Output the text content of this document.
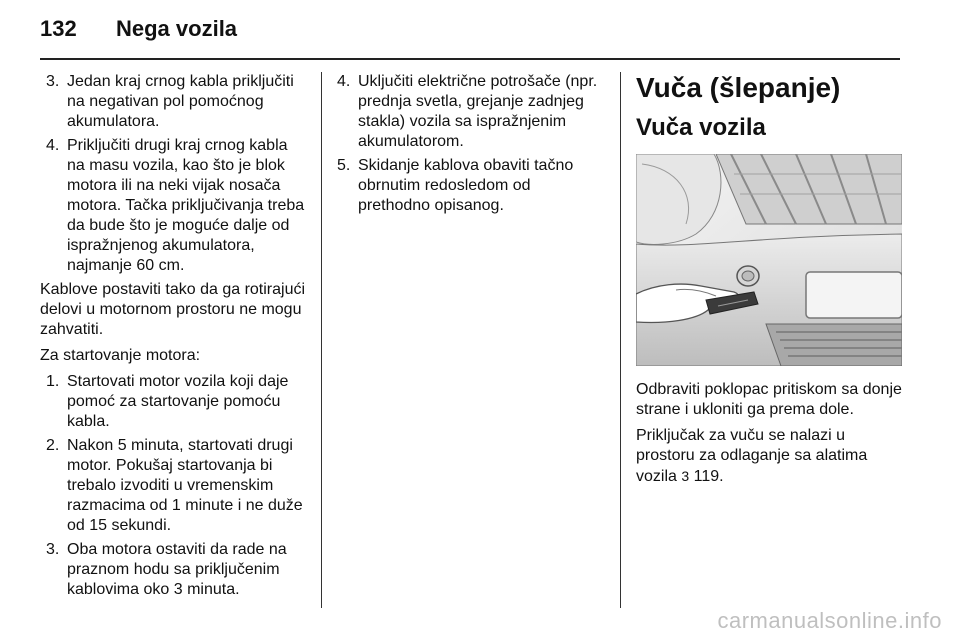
132 Nega vozila
3. Jedan kraj crnog kabla priključiti na negativan pol pomoćnog akumulatora.
4. Priključiti drugi kraj crnog kabla na masu vozila, kao što je blok motora ili na neki vijak nosača motora. Tačka priključivanja treba da bude što je moguće dalje od ispražnjenog akumulatora, najmanje 60 cm.

Kablove postaviti tako da ga rotirajući delovi u motornom prostoru ne mogu zahvatiti.

Za startovanje motora:

1. Startovati motor vozila koji daje pomoć za startovanje pomoću kabla.
2. Nakon 5 minuta, startovati drugi motor. Pokušaj startovanja bi trebalo izvoditi u vremenskim razmacima od 1 minute i ne duže od 15 sekundi.
3. Oba motora ostaviti da rade na praznom hodu sa priključenim kablovima oko 3 minuta.
4. Uključiti električne potrošače (npr. prednja svetla, grejanje zadnjeg stakla) vozila sa ispražnjenim akumulatorom.
5. Skidanje kablova obaviti tačno obrnutim redosledom od prethodno opisanog.
Vuča (šlepanje)
Vuča vozila

Odbraviti poklopac pritiskom sa donje strane i ukloniti ga prema dole.

Priključak za vuču se nalazi u prostoru za odlaganje sa alatima vozila 3 119.

carmanualsonline.info
